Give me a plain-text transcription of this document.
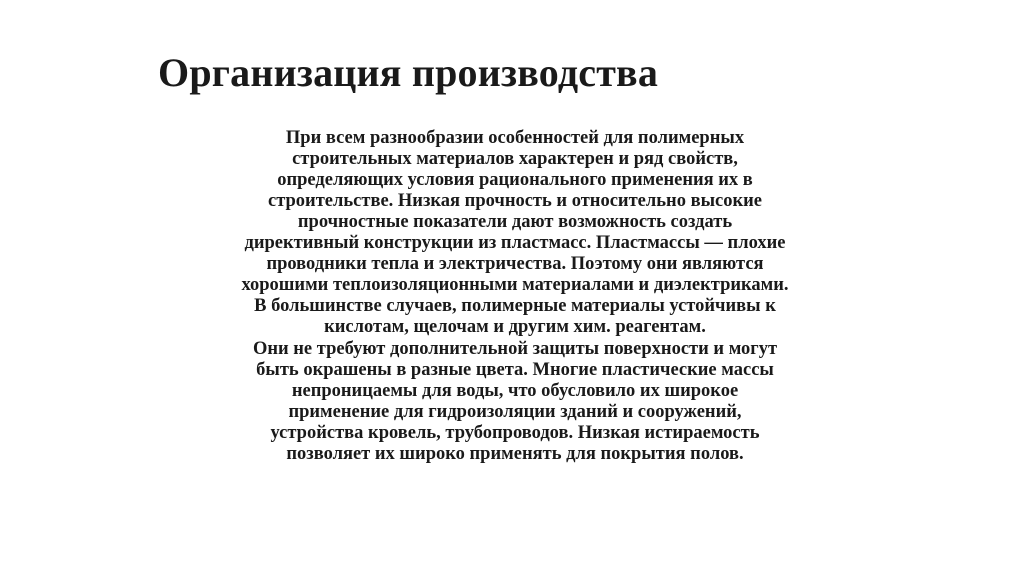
Организация производства

При всем разнообразии особенностей для полимерных
строительных материалов характерен и ряд свойств,
определяющих условия рационального применения их в
строительстве. Низкая прочность и относительно высокие
прочностные показатели дают возможность создать
директивный конструкции из пластмасс. Пластмассы — плохие
проводники тепла и электричества. Поэтому они являются
хорошими теплоизоляционными материалами и диэлектриками.
В большинстве случаев, полимерные материалы устойчивы к
кислотам, щелочам и другим хим. реагентам.

Они не требуют дополнительной защиты поверхности и могут
быть окрашены в разные цвета. Многие пластические массы
непроницаемы для воды, что обусловило их широкое
применение для гидроизоляции зданий и сооружений,
устройства кровель, трубопроводов. Низкая истираемость
позволяет их широко применять для покрытия полов.
